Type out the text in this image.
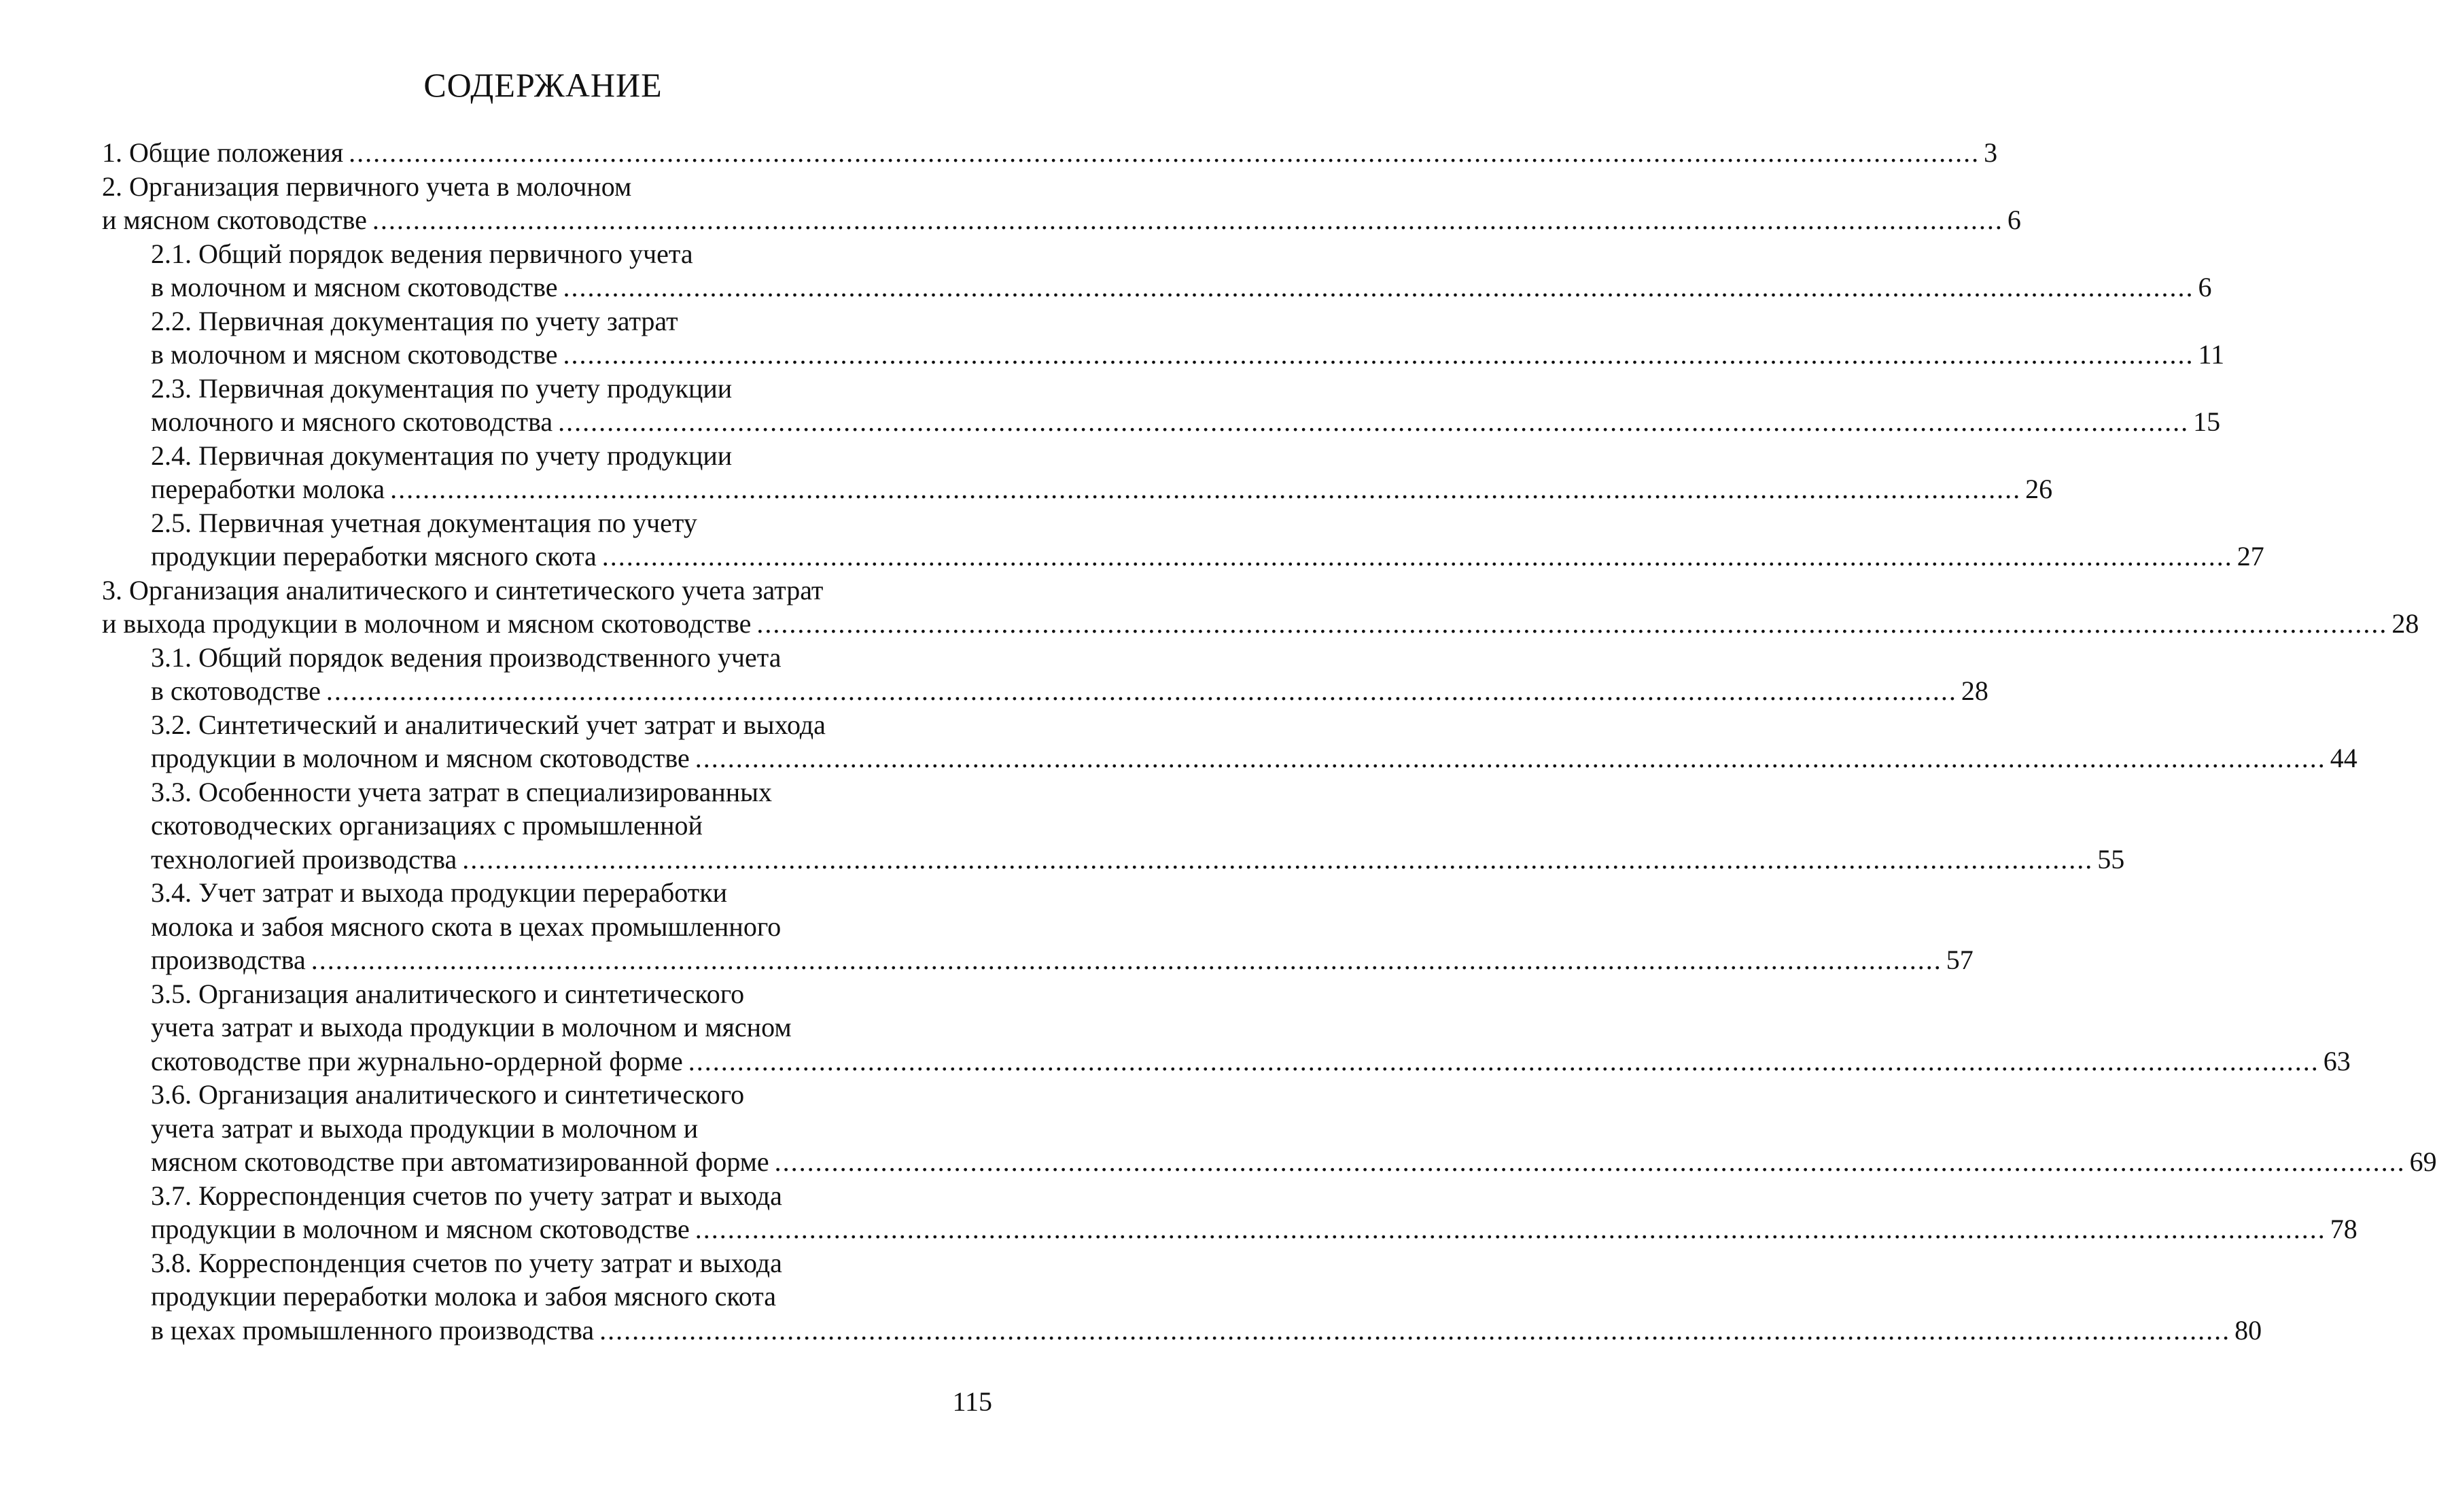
СОДЕРЖАНИЕ
1. Общие положения ........................................................................................................................................................................................................ 3
2. Организация первичного учета в молочном
и мясном скотоводстве ........................................................................................................................................................................................................ 6
2.1. Общий порядок ведения первичного учета
в молочном и мясном скотоводстве ........................................................................................................................................................................................................ 6
2.2. Первичная документация по учету затрат
в молочном и мясном скотоводстве ........................................................................................................................................................................................................ 11
2.3. Первичная документация по учету продукции
молочного и мясного скотоводства ........................................................................................................................................................................................................ 15
2.4. Первичная документация по учету продукции
переработки молока ........................................................................................................................................................................................................ 26
2.5. Первичная учетная документация по учету
продукции переработки мясного скота ........................................................................................................................................................................................................ 27
3. Организация аналитического и синтетического учета затрат
и выхода продукции в молочном и мясном скотоводстве ........................................................................................................................................................................................................ 28
3.1. Общий порядок ведения производственного учета
в скотоводстве ........................................................................................................................................................................................................ 28
3.2. Синтетический и аналитический учет затрат и выхода
продукции в молочном и мясном скотоводстве ........................................................................................................................................................................................................ 44
3.3. Особенности учета затрат в специализированных
скотоводческих организациях с промышленной
технологией производства ........................................................................................................................................................................................................ 55
3.4. Учет затрат и выхода продукции переработки
молока и забоя мясного скота в цехах промышленного
производства ........................................................................................................................................................................................................ 57
3.5. Организация аналитического и синтетического
учета затрат и выхода продукции в молочном и мясном
скотоводстве при журнально-ордерной форме ........................................................................................................................................................................................................ 63
3.6. Организация аналитического и синтетического
учета затрат и выхода продукции в молочном и
мясном скотоводстве при автоматизированной форме ........................................................................................................................................................................................................ 69
3.7. Корреспонденция счетов по учету затрат и выхода
продукции в молочном и мясном скотоводстве ........................................................................................................................................................................................................ 78
3.8. Корреспонденция счетов по учету затрат и выхода
продукции переработки молока и забоя мясного скота
в цехах промышленного производства ........................................................................................................................................................................................................ 80
115
